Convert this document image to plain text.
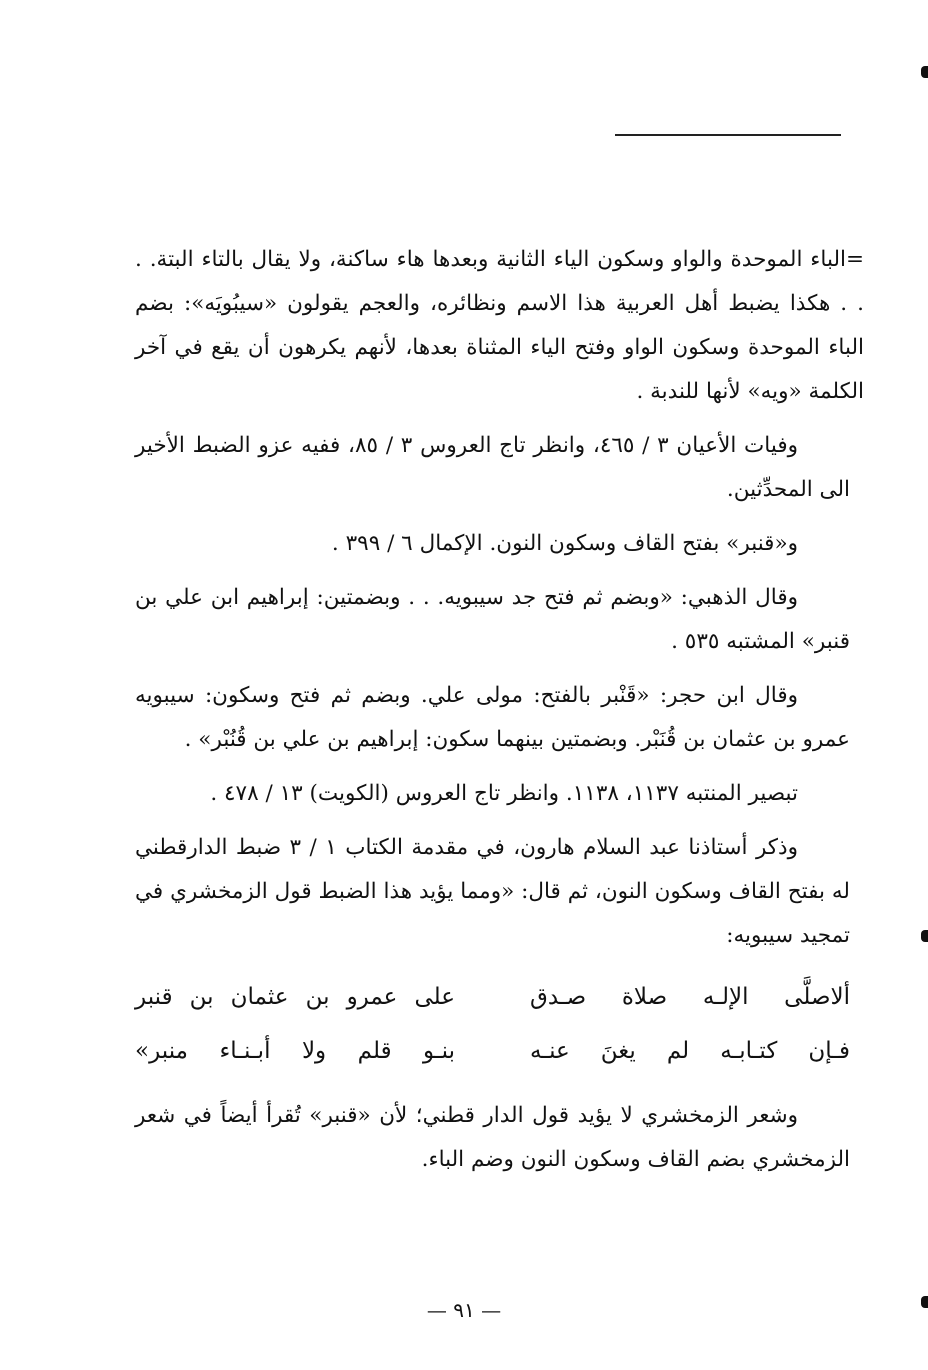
=الباء الموحدة والواو وسكون الياء الثانية وبعدها هاء ساكنة، ولا يقال بالتاء البتة. . . . هكذا يضبط أهل العربية هذا الاسم ونظائره، والعجم يقولون «سيبُويَه»: بضم الباء الموحدة وسكون الواو وفتح الياء المثناة بعدها، لأنهم يكرهون أن يقع في آخر الكلمة «ويه» لأنها للندبة .

وفيات الأعيان ٣ / ٤٦٥، وانظر تاج العروس ٣ / ٨٥، ففيه عزو الضبط الأخير الى المحدِّثين.

و«قنبر» بفتح القاف وسكون النون. الإكمال ٦ / ٣٩٩ .

وقال الذهبي: «وبضم ثم فتح جد سيبويه. . . وبضمتين: إبراهيم ابن علي بن قنبر» المشتبه ٥٣٥ .

وقال ابن حجر: «قَنْبر بالفتح: مولى علي. وبضم ثم فتح وسكون: سيبويه عمرو بن عثمان بن قُنَبْر. وبضمتين بينهما سكون: إبراهيم بن علي بن قُنُبْر» .

تبصير المنتبه ١١٣٧، ١١٣٨. وانظر تاج العروس (الكويت) ١٣ / ٤٧٨ .

وذكر أستاذنا عبد السلام هارون، في مقدمة الكتاب ١ / ٣ ضبط الدارقطني له بفتح القاف وسكون النون، ثم قال: «ومما يؤيد هذا الضبط قول الزمخشري في تمجيد سيبويه:

ألاصلَّى الإلـه صلاة صـدق
على عمرو بن عثمان بن قنبر
فـإن كتـابـه لم يغنَ عنـه
بنـو قلم ولا أبـنـاء منبر»

وشعر الزمخشري لا يؤيد قول الدار قطني؛ لأن «قنبر» تُقرأ أيضاً في شعر الزمخشري بضم القاف وسكون النون وضم الباء.

— ٩١ —
